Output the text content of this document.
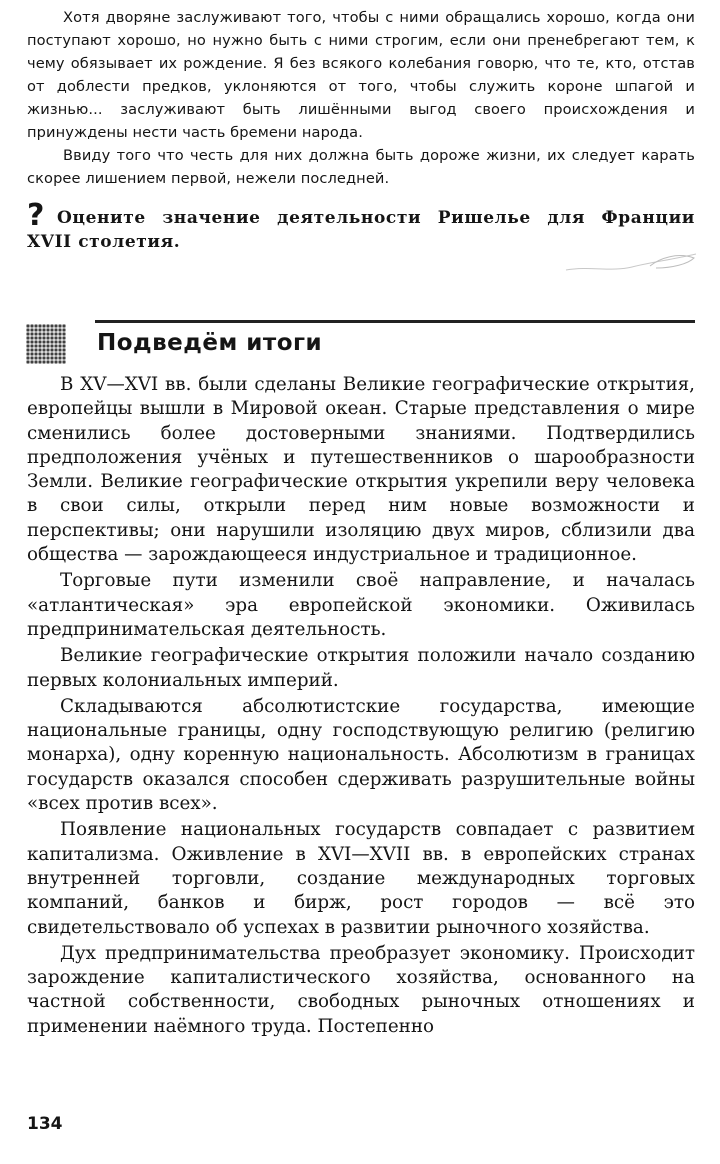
Хотя дворяне заслуживают того, чтобы с ними обращались хорошо, когда они поступают хорошо, но нужно быть с ними строгим, если они пренебрегают тем, к чему обязывает их рождение. Я без всякого колебания говорю, что те, кто, отстав от доблести предков, уклоняются от того, чтобы служить короне шпагой и жизнью... заслуживают быть лишёнными выгод своего происхождения и принуждены нести часть бремени народа.

Ввиду того что честь для них должна быть дороже жизни, их следует карать скорее лишением первой, нежели последней.

? Оцените значение деятельности Ришелье для Франции XVII столетия.
Подведём итоги

В XV—XVI вв. были сделаны Великие географические открытия, европейцы вышли в Мировой океан. Старые представления о мире сменились более достоверными знаниями. Подтвердились предположения учёных и путешественников о шарообразности Земли. Великие географические открытия укрепили веру человека в свои силы, открыли перед ним новые возможности и перспективы; они нарушили изоляцию двух миров, сблизили два общества — зарождающееся индустриальное и традиционное.

Торговые пути изменили своё направление, и началась «атлантическая» эра европейской экономики. Оживилась предпринимательская деятельность.

Великие географические открытия положили начало созданию первых колониальных империй.

Складываются абсолютистские государства, имеющие национальные границы, одну господствующую религию (религию монарха), одну коренную национальность. Абсолютизм в границах государств оказался способен сдерживать разрушительные войны «всех против всех».

Появление национальных государств совпадает с развитием капитализма. Оживление в XVI—XVII вв. в европейских странах внутренней торговли, создание международных торговых компаний, банков и бирж, рост городов — всё это свидетельствовало об успехах в развитии рыночного хозяйства.

Дух предпринимательства преобразует экономику. Происходит зарождение капиталистического хозяйства, основанного на частной собственности, свободных рыночных отношениях и применении наёмного труда. Постепенно

134
